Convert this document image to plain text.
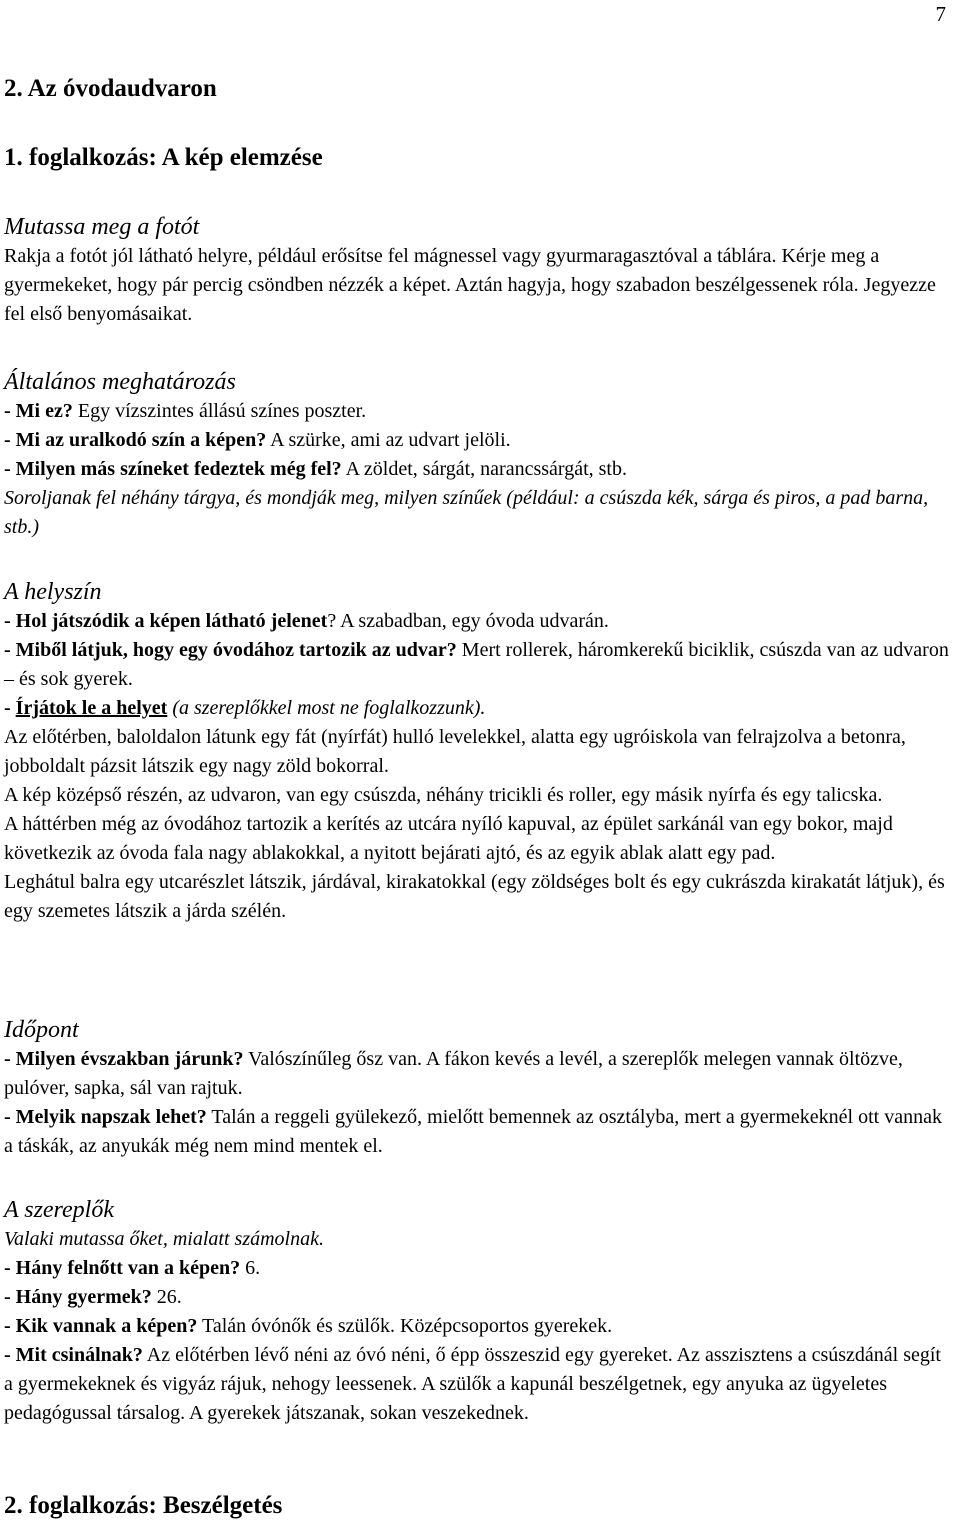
7
2. Az óvodaudvaron
1. foglalkozás: A kép elemzése
Mutassa meg a fotót

Rakja a fotót jól látható helyre, például erősítse fel mágnessel vagy gyurmaragasztóval a táblára. Kérje meg a gyermekeket, hogy pár percig csöndben nézzék a képet. Aztán hagyja, hogy szabadon beszélgessenek róla. Jegyezze fel első benyomásaikat.

Általános meghatározás

- Mi ez? Egy vízszintes állású színes poszter.

- Mi az uralkodó szín a képen? A szürke, ami az udvart jelöli.

- Milyen más színeket fedeztek még fel? A zöldet, sárgát, narancssárgát, stb.

Soroljanak fel néhány tárgya, és mondják meg, milyen színűek (például: a csúszda kék, sárga és piros, a pad barna, stb.)

A helyszín

- Hol játszódik a képen látható jelenet? A szabadban, egy óvoda udvarán.

- Miből látjuk, hogy egy óvodához tartozik az udvar? Mert rollerek, háromkerekű biciklik, csúszda van az udvaron – és sok gyerek.

- Írjátok le a helyet (a szereplőkkel most ne foglalkozzunk).

Az előtérben, baloldalon látunk egy fát (nyírfát) hulló levelekkel, alatta egy ugróiskola van felrajzolva a betonra, jobboldalt pázsit látszik egy nagy zöld bokorral.

A kép középső részén, az udvaron, van egy csúszda, néhány tricikli és roller, egy másik nyírfa és egy talicska.

A háttérben még az óvodához tartozik a kerítés az utcára nyíló kapuval, az épület sarkánál van egy bokor, majd következik az óvoda fala nagy ablakokkal, a nyitott bejárati ajtó, és az egyik ablak alatt egy pad.

Leghátul balra egy utcarészlet látszik, járdával, kirakatokkal (egy zöldséges bolt és egy cukrászda kirakatát látjuk), és egy szemetes látszik a járda szélén.

Időpont

- Milyen évszakban járunk? Valószínűleg ősz van. A fákon kevés a levél, a szereplők melegen vannak öltözve, pulóver, sapka, sál van rajtuk.

- Melyik napszak lehet? Talán a reggeli gyülekező, mielőtt bemennek az osztályba, mert a gyermekeknél ott vannak a táskák, az anyukák még nem mind mentek el.

A szereplők

Valaki mutassa őket, mialatt számolnak.

- Hány felnőtt van a képen? 6.

- Hány gyermek? 26.

- Kik vannak a képen? Talán óvónők és szülők. Középcsoportos gyerekek.

- Mit csinálnak? Az előtérben lévő néni az óvó néni, ő épp összeszid egy gyereket. Az asszisztens a csúszdánál segít a gyermekeknek és vigyáz rájuk, nehogy leessenek. A szülők a kapunál beszélgetnek, egy anyuka az ügyeletes pedagógussal társalog. A gyerekek játszanak, sokan veszekednek.

2. foglalkozás: Beszélgetés
